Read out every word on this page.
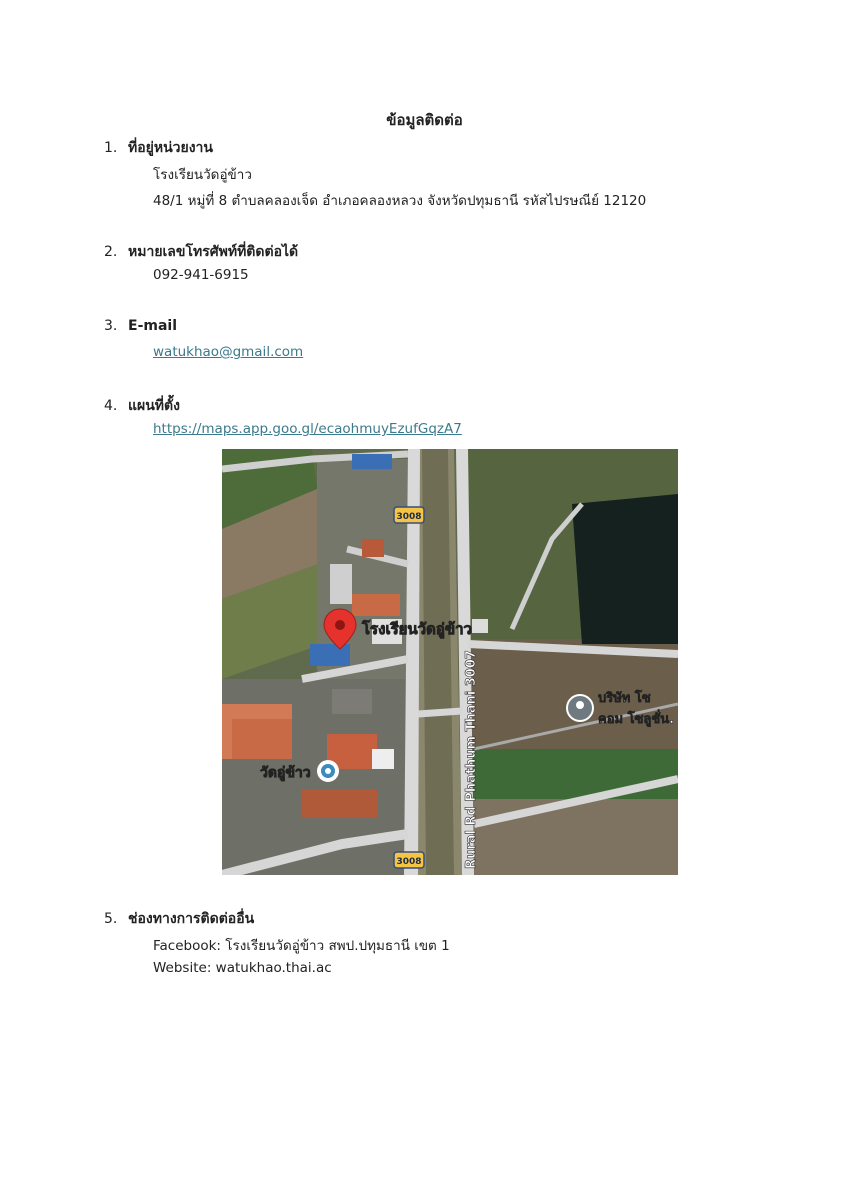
ข้อมูลติดต่อ
1. ที่อยู่หน่วยงาน
โรงเรียนวัดอู่ข้าว
48/1 หมู่ที่ 8 ตำบลคลองเจ็ด อำเภอคลองหลวง จังหวัดปทุมธานี รหัสไปรษณีย์ 12120
2. หมายเลขโทรศัพท์ที่ติดต่อได้
092-941-6915
3. E-mail
watukhao@gmail.com
4. แผนที่ตั้ง
https://maps.app.goo.gl/ecaohmuyEzufGqzA7
3008
3008	Rural Rd Phathum Thani 3007
โรงเรียนวัดอู่ข้าว
วัดอู่ข้าว
บริษัท โซ
คอม โซลูชั่น.
5. ช่องทางการติดต่ออื่น
Facebook: โรงเรียนวัดอู่ข้าว สพป.ปทุมธานี เขต 1
Website: watukhao.thai.ac
